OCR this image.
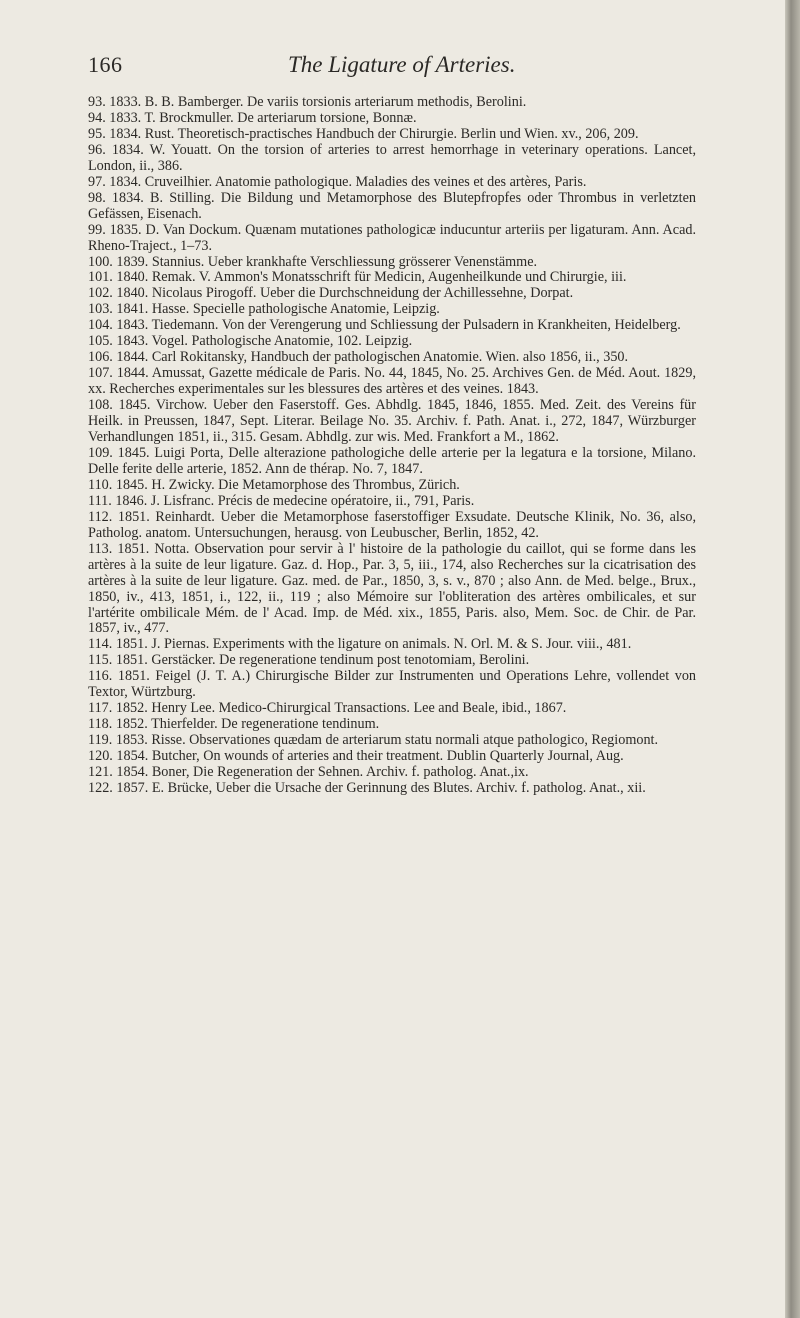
166	The Ligature of Arteries.

93. 1833. B. B. Bamberger. De variis torsionis arteriarum methodis, Berolini.

94. 1833. T. Brockmuller. De arteriarum torsione, Bonnæ.

95. 1834. Rust. Theoretisch-practisches Handbuch der Chirurgie. Berlin und Wien. xv., 206, 209.

96. 1834. W. Youatt. On the torsion of arteries to arrest hemorrhage in veterinary operations. Lancet, London, ii., 386.

97. 1834. Cruveilhier. Anatomie pathologique. Maladies des veines et des artères, Paris.

98. 1834. B. Stilling. Die Bildung und Metamorphose des Blutepfropfes oder Thrombus in verletzten Gefässen, Eisenach.

99. 1835. D. Van Dockum. Quænam mutationes pathologicæ inducuntur arteriis per ligaturam. Ann. Acad. Rheno-Traject., 1–73.

100. 1839. Stannius. Ueber krankhafte Verschliessung grösserer Venenstämme.

101. 1840. Remak. V. Ammon's Monatsschrift für Medicin, Augenheilkunde und Chirurgie, iii.

102. 1840. Nicolaus Pirogoff. Ueber die Durchschneidung der Achillessehne, Dorpat.

103. 1841. Hasse. Specielle pathologische Anatomie, Leipzig.

104. 1843. Tiedemann. Von der Verengerung und Schliessung der Pulsadern in Krankheiten, Heidelberg.

105. 1843. Vogel. Pathologische Anatomie, 102. Leipzig.

106. 1844. Carl Rokitansky, Handbuch der pathologischen Anatomie. Wien. also 1856, ii., 350.

107. 1844. Amussat, Gazette médicale de Paris. No. 44, 1845, No. 25. Archives Gen. de Méd. Aout. 1829, xx. Recherches experimentales sur les blessures des artères et des veines. 1843.

108. 1845. Virchow. Ueber den Faserstoff. Ges. Abhdlg. 1845, 1846, 1855. Med. Zeit. des Vereins für Heilk. in Preussen, 1847, Sept. Literar. Beilage No. 35. Archiv. f. Path. Anat. i., 272, 1847, Würzburger Verhandlungen 1851, ii., 315. Gesam. Abhdlg. zur wis. Med. Frankfort a M., 1862.

109. 1845. Luigi Porta, Delle alterazione pathologiche delle arterie per la legatura e la torsione, Milano. Delle ferite delle arterie, 1852. Ann de thérap. No. 7, 1847.

110. 1845. H. Zwicky. Die Metamorphose des Thrombus, Zürich.

111. 1846. J. Lisfranc. Précis de medecine opératoire, ii., 791, Paris.

112. 1851. Reinhardt. Ueber die Metamorphose faserstoffiger Exsudate. Deutsche Klinik, No. 36, also, Patholog. anatom. Untersuchungen, herausg. von Leubuscher, Berlin, 1852, 42.

113. 1851. Notta. Observation pour servir à l' histoire de la pathologie du caillot, qui se forme dans les artères à la suite de leur ligature. Gaz. d. Hop., Par. 3, 5, iii., 174, also Recherches sur la cicatrisation des artères à la suite de leur ligature. Gaz. med. de Par., 1850, 3, s. v., 870 ; also Ann. de Med. belge., Brux., 1850, iv., 413, 1851, i., 122, ii., 119 ; also Mémoire sur l'obliteration des artères ombilicales, et sur l'artérite ombilicale Mém. de l' Acad. Imp. de Méd. xix., 1855, Paris. also, Mem. Soc. de Chir. de Par. 1857, iv., 477.

114. 1851. J. Piernas. Experiments with the ligature on animals. N. Orl. M. & S. Jour. viii., 481.

115. 1851. Gerstäcker. De regeneratione tendinum post tenotomiam, Berolini.

116. 1851. Feigel (J. T. A.) Chirurgische Bilder zur Instrumenten und Operations Lehre, vollendet von Textor, Würtzburg.

117. 1852. Henry Lee. Medico-Chirurgical Transactions. Lee and Beale, ibid., 1867.

118. 1852. Thierfelder. De regeneratione tendinum.

119. 1853. Risse. Observationes quædam de arteriarum statu normali atque pathologico, Regiomont.

120. 1854. Butcher, On wounds of arteries and their treatment. Dublin Quarterly Journal, Aug.

121. 1854. Boner, Die Regeneration der Sehnen. Archiv. f. patholog. Anat.,ix.

122. 1857. E. Brücke, Ueber die Ursache der Gerinnung des Blutes. Archiv. f. patholog. Anat., xii.
